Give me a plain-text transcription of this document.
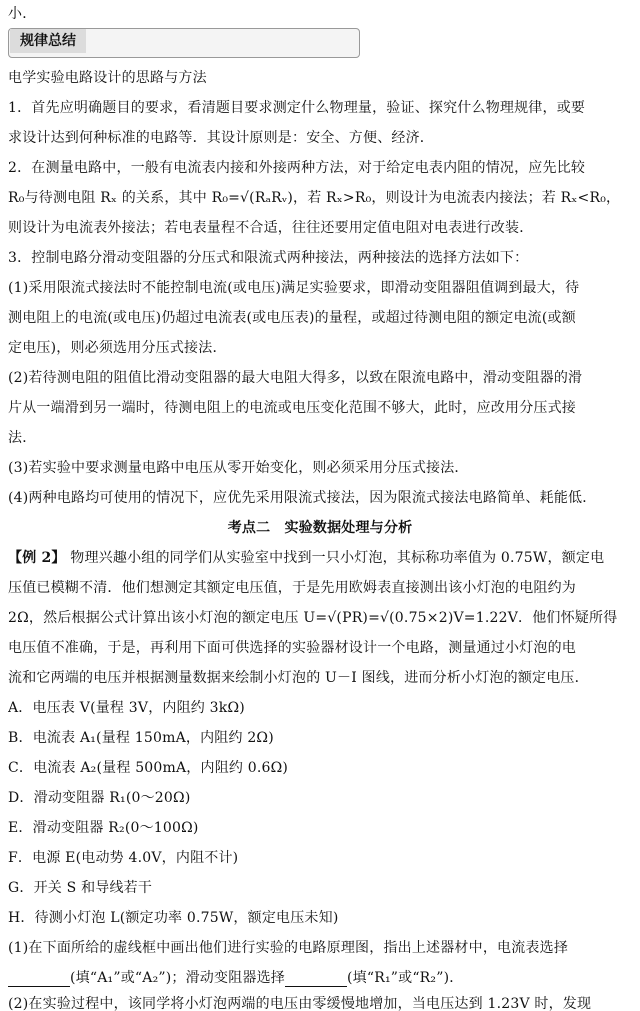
小．
规律总结
电学实验电路设计的思路与方法
1．首先应明确题目的要求，看清题目要求测定什么物理量，验证、探究什么物理规律，或要
求设计达到何种标准的电路等．其设计原则是：安全、方便、经济．
2．在测量电路中，一般有电流表内接和外接两种方法，对于给定电表内阻的情况，应先比较
R₀与待测电阻 Rₓ 的关系，其中 R₀=√(RₐRᵥ)，若 Rₓ>R₀，则设计为电流表内接法；若 Rₓ<R₀，
则设计为电流表外接法；若电表量程不合适，往往还要用定值电阻对电表进行改装．
3．控制电路分滑动变阻器的分压式和限流式两种接法，两种接法的选择方法如下：
(1)采用限流式接法时不能控制电流(或电压)满足实验要求，即滑动变阻器阻值调到最大，待
测电阻上的电流(或电压)仍超过电流表(或电压表)的量程，或超过待测电阻的额定电流(或额
定电压)，则必须选用分压式接法．
(2)若待测电阻的阻值比滑动变阻器的最大电阻大得多，以致在限流电路中，滑动变阻器的滑
片从一端滑到另一端时，待测电阻上的电流或电压变化范围不够大，此时，应改用分压式接
法．
(3)若实验中要求测量电路中电压从零开始变化，则必须采用分压式接法．
(4)两种电路均可使用的情况下，应优先采用限流式接法，因为限流式接法电路简单、耗能低．
考点二　实验数据处理与分析
【例 2】 物理兴趣小组的同学们从实验室中找到一只小灯泡，其标称功率值为 0.75W，额定电
压值已模糊不清．他们想测定其额定电压值，于是先用欧姆表直接测出该小灯泡的电阻约为
2Ω，然后根据公式计算出该小灯泡的额定电压 U=√(PR)=√(0.75×2)V=1.22V．他们怀疑所得
电压值不准确，于是，再利用下面可供选择的实验器材设计一个电路，测量通过小灯泡的电
流和它两端的电压并根据测量数据来绘制小灯泡的 U－I 图线，进而分析小灯泡的额定电压．
A．电压表 V(量程 3V，内阻约 3kΩ)
B．电流表 A₁(量程 150mA，内阻约 2Ω)
C．电流表 A₂(量程 500mA，内阻约 0.6Ω)
D．滑动变阻器 R₁(0～20Ω)
E．滑动变阻器 R₂(0～100Ω)
F．电源 E(电动势 4.0V，内阻不计)
G．开关 S 和导线若干
H．待测小灯泡 L(额定功率 0.75W，额定电压未知)
(1)在下面所给的虚线框中画出他们进行实验的电路原理图，指出上述器材中，电流表选择
(填“A₁”或“A₂”)；滑动变阻器选择	(填“R₁”或“R₂”)．
(2)在实验过程中，该同学将小灯泡两端的电压由零缓慢地增加，当电压达到 1.23V 时，发现
